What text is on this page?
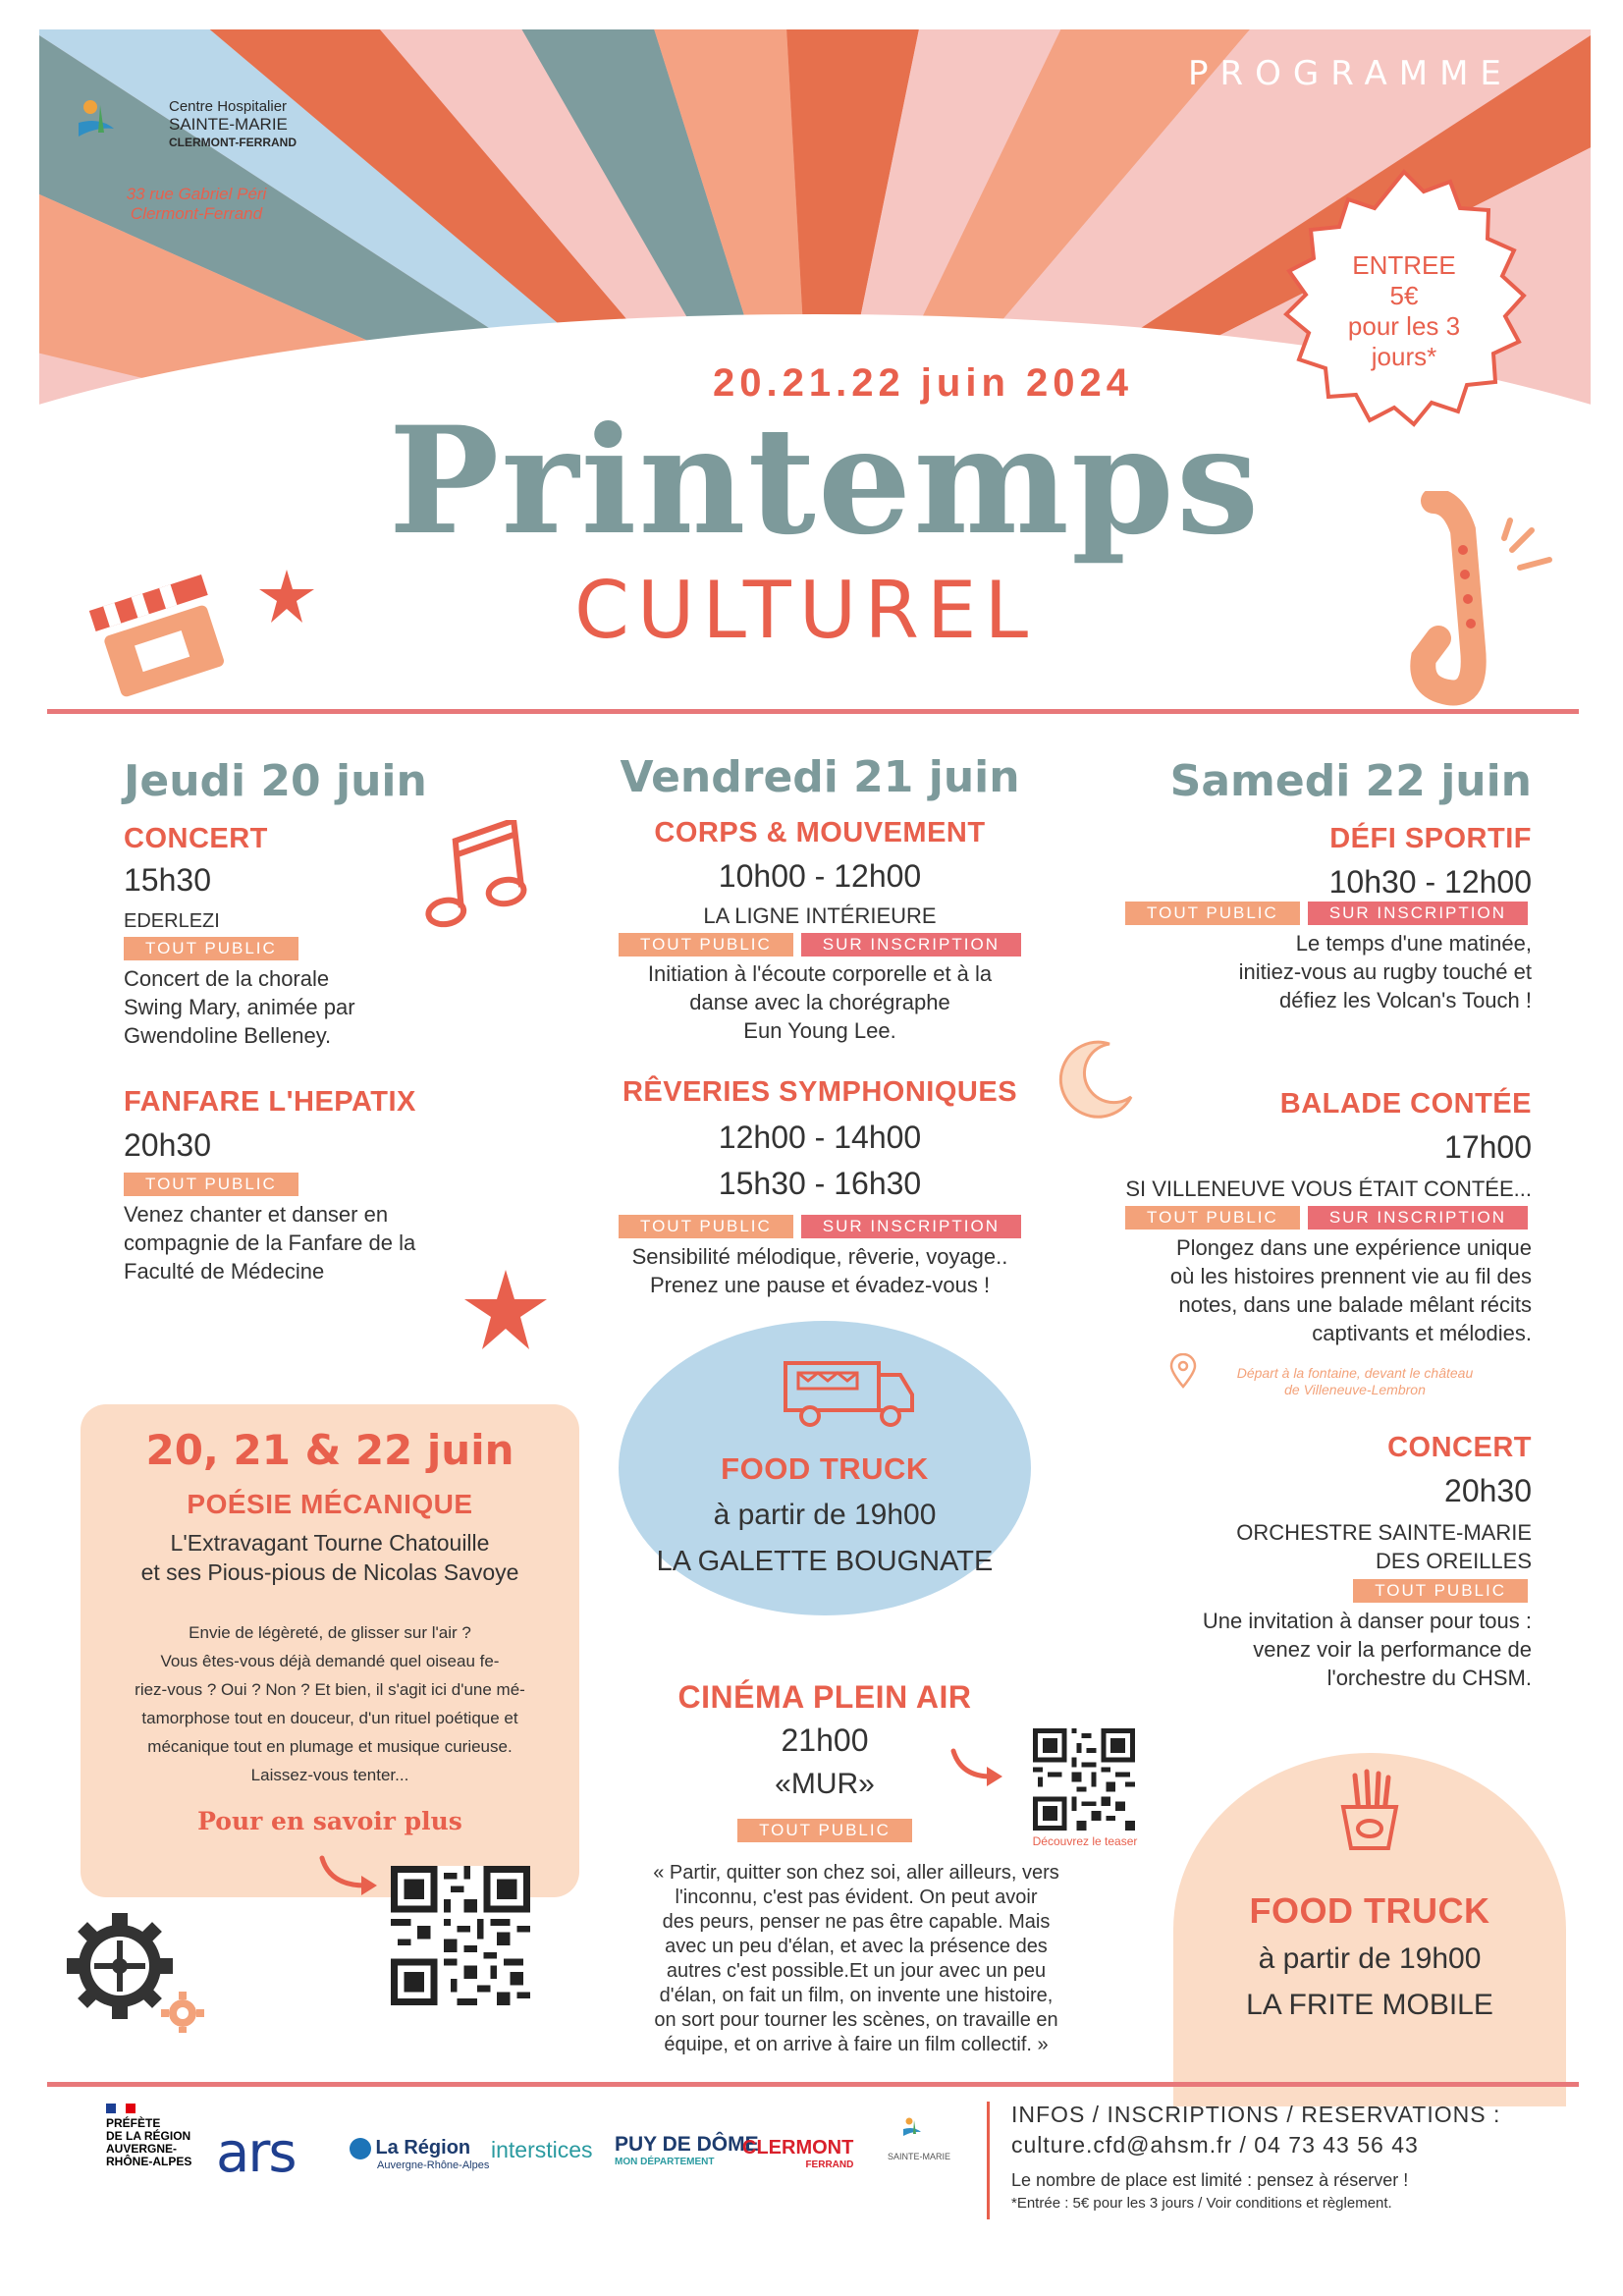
PROGRAMME
Centre Hospitalier
SAINTE-MARIE
CLERMONT-FERRAND
33 rue Gabriel Péri
Clermont-Ferrand
ENTREE
5€
pour les 3
jours*
20.21.22 juin 2024
Printemps
CULTUREL
Jeudi 20 juin
CONCERT
15h30
EDERLEZI
TOUT PUBLIC
Concert de la chorale
Swing Mary, animée par
Gwendoline Belleney.
FANFARE L'HEPATIX
20h30
TOUT PUBLIC
Venez chanter et danser en
compagnie de la Fanfare de la
Faculté de Médecine
Vendredi 21 juin
CORPS & MOUVEMENT
10h00 - 12h00
LA LIGNE INTÉRIEURE
TOUT PUBLIC	SUR INSCRIPTION
Initiation à l'écoute corporelle et à la
danse avec la chorégraphe
Eun Young Lee.
RÊVERIES SYMPHONIQUES
12h00 - 14h00
15h30 - 16h30
TOUT PUBLIC	SUR INSCRIPTION
Sensibilité mélodique, rêverie, voyage..
Prenez une pause et évadez-vous !
FOOD TRUCK
à partir de 19h00
LA GALETTE BOUGNATE
CINÉMA PLEIN AIR
21h00
«MUR»
TOUT PUBLIC
Découvrez le teaser
« Partir, quitter son chez soi, aller ailleurs, vers
l'inconnu, c'est pas évident. On peut avoir
des peurs, penser ne pas être capable. Mais
avec un peu d'élan, et avec la présence des
autres c'est possible.Et un jour avec un peu
d'élan, on fait un film, on invente une histoire,
on sort pour tourner les scènes, on travaille en
équipe, et on arrive à faire un film collectif. »
Samedi 22 juin
DÉFI SPORTIF
10h30 - 12h00
TOUT PUBLIC	SUR INSCRIPTION
Le temps d'une matinée,
initiez-vous au rugby touché et
défiez les Volcan's Touch !
BALADE CONTÉE
17h00
SI VILLENEUVE VOUS ÉTAIT CONTÉE...
TOUT PUBLIC	SUR INSCRIPTION
Plongez dans une expérience unique
où les histoires prennent vie au fil des
notes, dans une balade mêlant récits
captivants et mélodies.
Départ à la fontaine, devant le château
de Villeneuve-Lembron
CONCERT
20h30
ORCHESTRE SAINTE-MARIE
DES OREILLES
TOUT PUBLIC
Une invitation à danser pour tous :
venez voir la performance de
l'orchestre du CHSM.
FOOD TRUCK
à partir de 19h00
LA FRITE MOBILE
20, 21 & 22 juin
POÉSIE MÉCANIQUE
L'Extravagant Tourne Chatouille
et ses Pious-pious de Nicolas Savoye
Envie de légèreté, de glisser sur l'air ?
Vous êtes-vous déjà demandé quel oiseau fe-
riez-vous ? Oui ? Non ? Et bien, il s'agit ici d'une mé-
tamorphose tout en douceur, d'un rituel poétique et
mécanique tout en plumage et musique curieuse.
Laissez-vous tenter...
Pour en savoir plus
PRÉFÈTE
DE LA RÉGION
AUVERGNE-
RHÔNE-ALPES ars	La Région
Auvergne-Rhône-Alpes
interstices PUY DE DÔME
MON DÉPARTEMENT
CLERMONT
FERRAND
SAINTE-MARIE
INFOS / INSCRIPTIONS / RESERVATIONS :
culture.cfd@ahsm.fr / 04 73 43 56 43
Le nombre de place est limité : pensez à réserver !
*Entrée : 5€ pour les 3 jours / Voir conditions et règlement.
